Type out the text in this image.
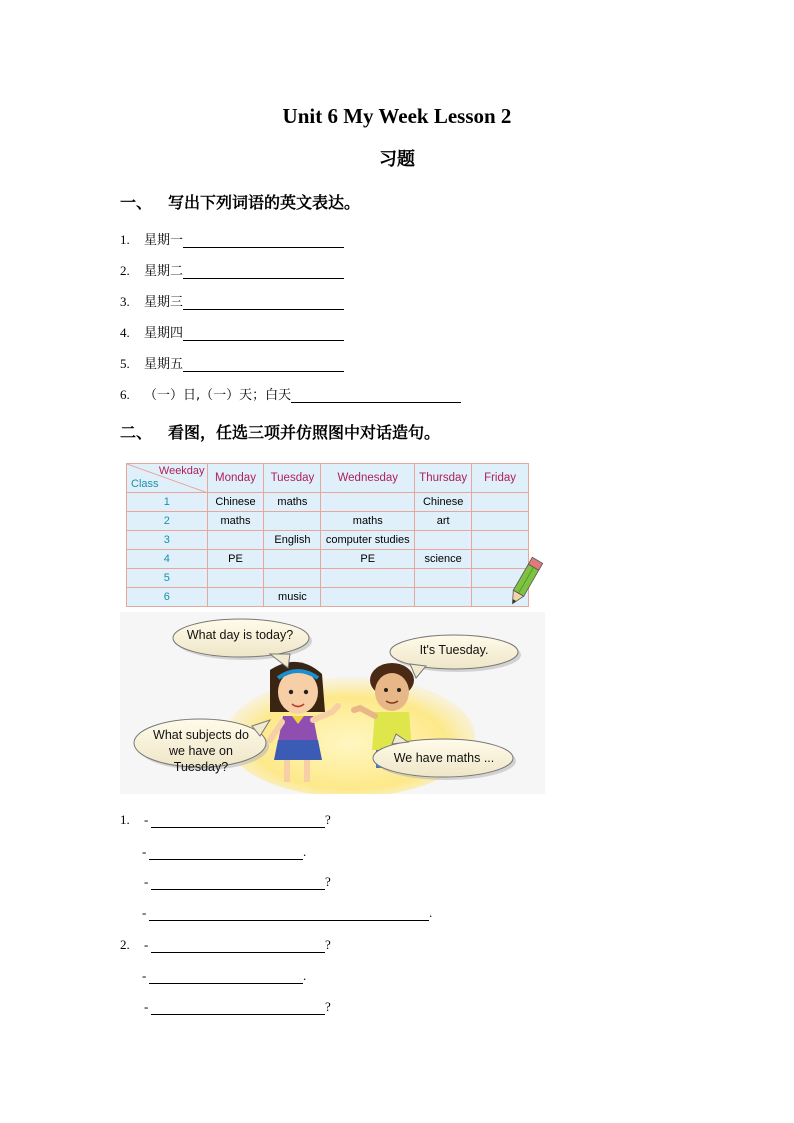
Unit 6 My Week Lesson 2
习题
一、 写出下列词语的英文表达。
1.	星期一
2.	星期二
3.	星期三
4.	星期四
5.	星期五
6.	（一）日,（一）天；白天
二、 看图，任选三项并仿照图中对话造句。
Weekday
Class	Monday	Tuesday	Wednesday	Thursday	Friday
1	Chinese	maths		Chinese	
2	maths		maths	art	
3		English	computer studies		
4	PE		PE	science	
5					
6		music			
What day is today?
It's Tuesday.
What subjects do we have on Tuesday?
We have maths ...
1.	-	?
-	.
-	?
-	.
2.	-	?
-	.
-	?
